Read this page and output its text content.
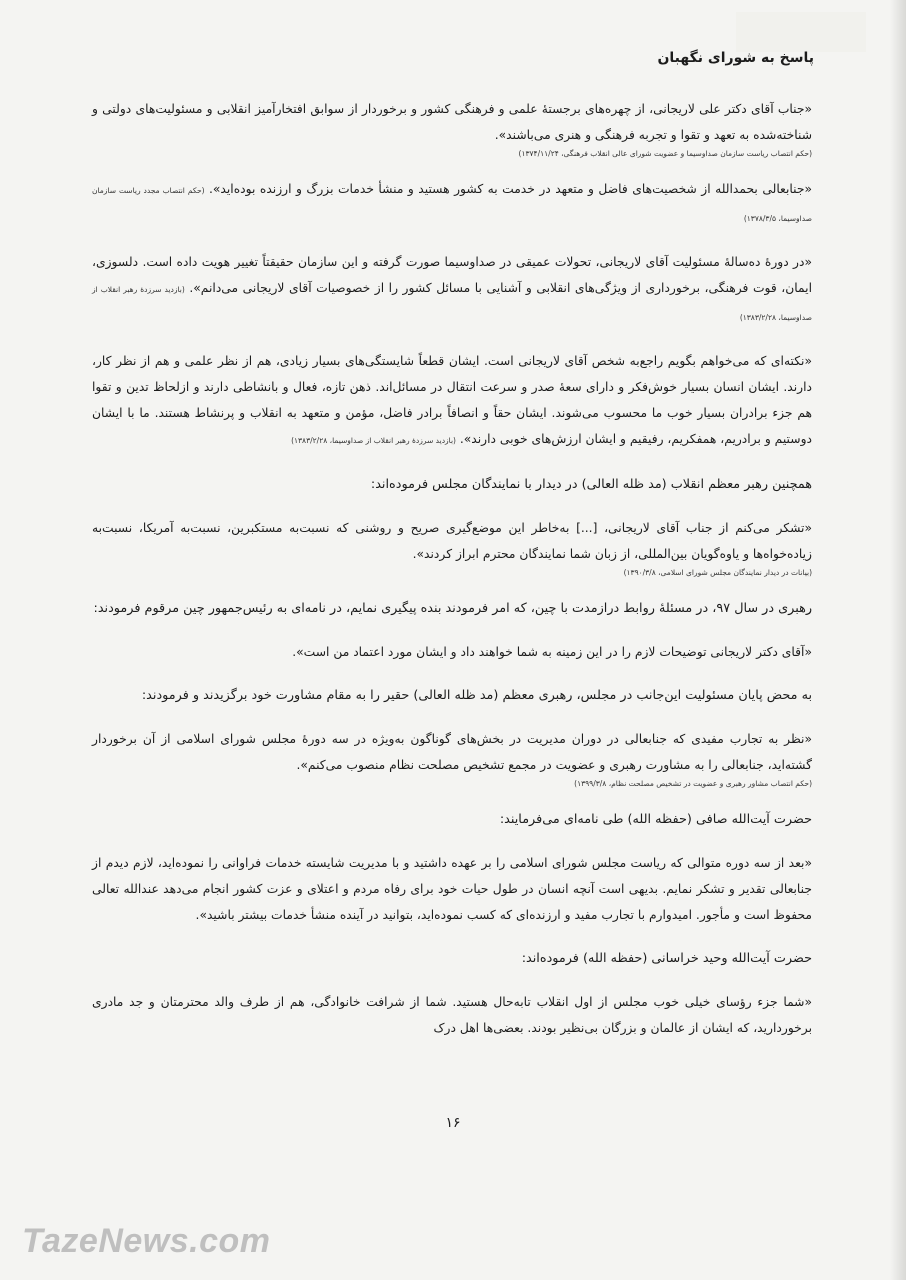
پاسخ به شورای نگهبان

«جناب آقای دکتر علی لاریجانی، از چهره‌های برجستهٔ علمی و فرهنگی کشور و برخوردار از سوابق افتخارآمیز انقلابی و مسئولیت‌های دولتی و شناخته‌شده به تعهد و تقوا و تجربه فرهنگی و هنری می‌باشند».

(حکم انتصاب ریاست سازمان صداوسیما و عضویت شورای عالی انقلاب فرهنگی، ۱۳۷۴/۱۱/۲۴)

«جنابعالی بحمدالله از شخصیت‌های فاضل و متعهد در خدمت به کشور هستید و منشأ خدمات بزرگ و ارزنده بوده‌اید». (حکم انتصاب مجدد ریاست سازمان صداوسیما، ۱۳۷۸/۳/۵)

«در دورهٔ ده‌سالهٔ مسئولیت آقای لاریجانی، تحولات عمیقی در صداوسیما صورت گرفته و این سازمان حقیقتاً تغییر هویت داده است. دلسوزی، ایمان، قوت فرهنگی، برخورداری از ویژگی‌های انقلابی و آشنایی با مسائل کشور را از خصوصیات آقای لاریجانی می‌دانم». (بازدید سرزدهٔ رهبر انقلاب از صداوسیما، ۱۳۸۳/۲/۲۸)

«نکته‌ای که می‌خواهم بگویم راجع‌به شخص آقای لاریجانی است. ایشان قطعاً شایستگی‌های بسیار زیادی، هم از نظر علمی و هم از نظر کار، دارند. ایشان انسان بسیار خوش‌فکر و دارای سعهٔ صدر و سرعت انتقال در مسائل‌اند. ذهن تازه، فعال و بانشاطی دارند و ازلحاظ تدین و تقوا هم جزء برادران بسیار خوب ما محسوب می‌شوند. ایشان حقاً و انصافاً برادر فاضل، مؤمن و متعهد به انقلاب و پرنشاط هستند. ما با ایشان دوستیم و برادریم، همفکریم، رفیقیم و ایشان ارزش‌های خوبی دارند». (بازدید سرزدهٔ رهبر انقلاب از صداوسیما، ۱۳۸۳/۲/۲۸)

همچنین رهبر معظم انقلاب (مد ظله العالی) در دیدار با نمایندگان مجلس فرموده‌اند:

«تشکر می‌کنم از جناب آقای لاریجانی، [...] به‌خاطر این موضع‌گیری صریح و روشنی که نسبت‌به مستکبرین، نسبت‌به آمریکا، نسبت‌به زیاده‌خواه‌ها و یاوه‌گویان بین‌المللی، از زبان شما نمایندگان محترم ابراز کردند».

(بیانات در دیدار نمایندگان مجلس شورای اسلامی، ۱۳۹۰/۳/۸)

رهبری در سال ۹۷، در مسئلهٔ روابط درازمدت با چین، که امر فرمودند بنده پیگیری نمایم، در نامه‌ای به رئیس‌جمهور چین مرقوم فرمودند:

«آقای دکتر لاریجانی توضیحات لازم را در این زمینه به شما خواهند داد و ایشان مورد اعتماد من است».

به محض پایان مسئولیت این‌جانب در مجلس، رهبری معظم (مد ظله العالی) حقیر را به مقام مشاورت خود برگزیدند و فرمودند:

«نظر به تجارب مفیدی که جنابعالی در دوران مدیریت در بخش‌های گوناگون به‌ویژه در سه دورهٔ مجلس شورای اسلامی از آن برخوردار گشته‌اید، جنابعالی را به مشاورت رهبری و عضویت در مجمع تشخیص مصلحت نظام منصوب می‌کنم».

(حکم انتصاب مشاور رهبری و عضویت در تشخیص مصلحت نظام، ۱۳۹۹/۳/۸)

حضرت آیت‌الله صافی (حفظه الله) طی نامه‌ای می‌فرمایند:

«بعد از سه دوره متوالی که ریاست مجلس شورای اسلامی را بر عهده داشتید و با مدیریت شایسته خدمات فراوانی را نموده‌اید، لازم دیدم از جنابعالی تقدیر و تشکر نمایم. بدیهی است آنچه انسان در طول حیات خود برای رفاه مردم و اعتلای و عزت کشور انجام می‌دهد عندالله تعالی محفوظ است و مأجور. امیدوارم با تجارب مفید و ارزنده‌ای که کسب نموده‌اید، بتوانید در آینده منشأ خدمات بیشتر باشید».

حضرت آیت‌الله وحید خراسانی (حفظه الله) فرموده‌اند:

«شما جزء رؤسای خیلی خوب مجلس از اول انقلاب تابه‌حال هستید. شما از شرافت خانوادگی، هم از طرف والد محترمتان و جد مادری برخوردارید، که ایشان از عالمان و بزرگان بی‌نظیر بودند. بعضی‌ها اهل درک

۱۶
TazeNews.com
